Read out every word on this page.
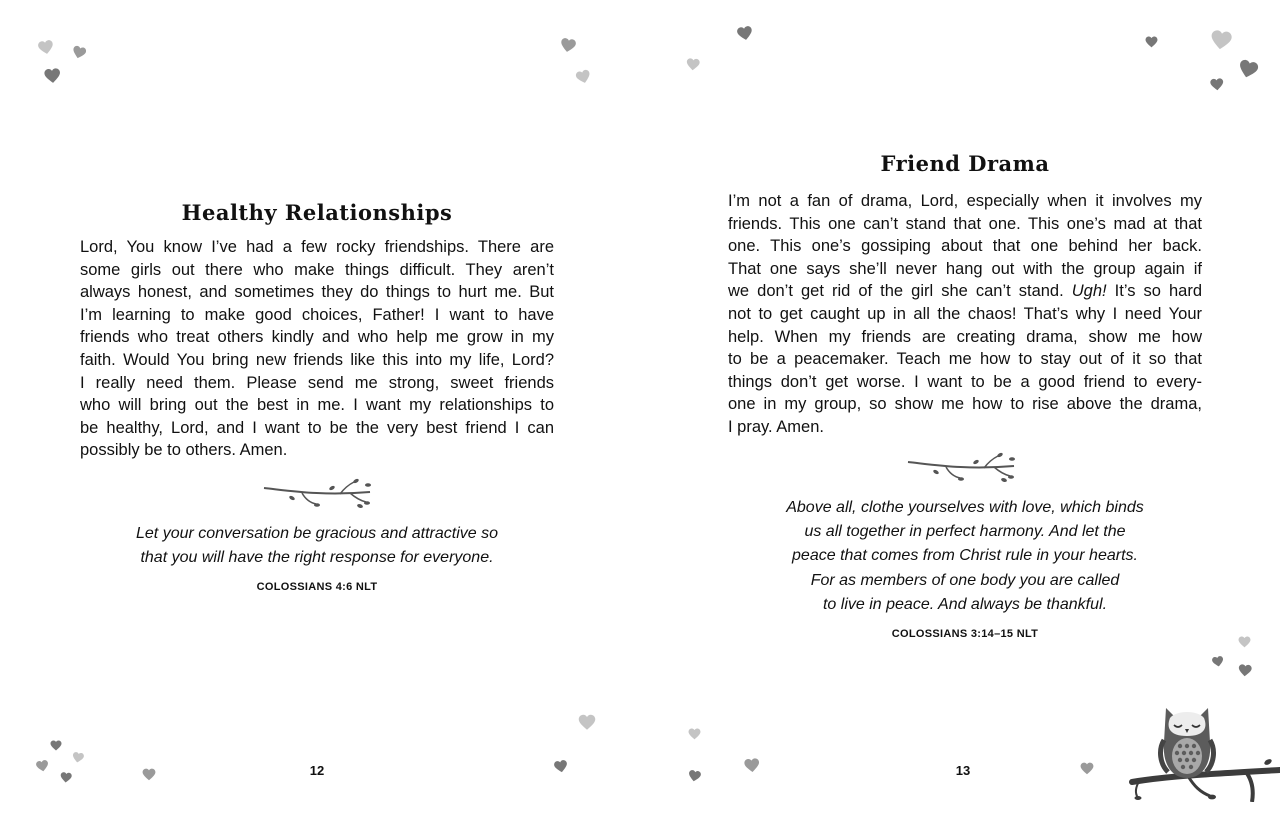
Healthy Relationships
Lord, You know I’ve had a few rocky friendships. There are
some girls out there who make things difficult. They aren’t
always honest, and sometimes they do things to hurt me. But
I’m learning to make good choices, Father! I want to have
friends who treat others kindly and who help me grow in my
faith. Would You bring new friends like this into my life, Lord?
I really need them. Please send me strong, sweet friends
who will bring out the best in me. I want my relationships to
be healthy, Lord, and I want to be the very best friend I can
possibly be to others. Amen.
Let your conversation be gracious and attractive so
that you will have the right response for everyone.
COLOSSIANS 4:6 NLT
12
Friend Drama
I’m not a fan of drama, Lord, especially when it involves my
friends. This one can’t stand that one. This one’s mad at that
one. This one’s gossiping about that one behind her back.
That one says she’ll never hang out with the group again if
we don’t get rid of the girl she can’t stand. Ugh! It’s so hard
not to get caught up in all the chaos! That’s why I need Your
help. When my friends are creating drama, show me how
to be a peacemaker. Teach me how to stay out of it so that
things don’t get worse. I want to be a good friend to every-
one in my group, so show me how to rise above the drama,
I pray. Amen.
Above all, clothe yourselves with love, which binds
us all together in perfect harmony. And let the
peace that comes from Christ rule in your hearts.
For as members of one body you are called
to live in peace. And always be thankful.
COLOSSIANS 3:14–15 NLT
13
